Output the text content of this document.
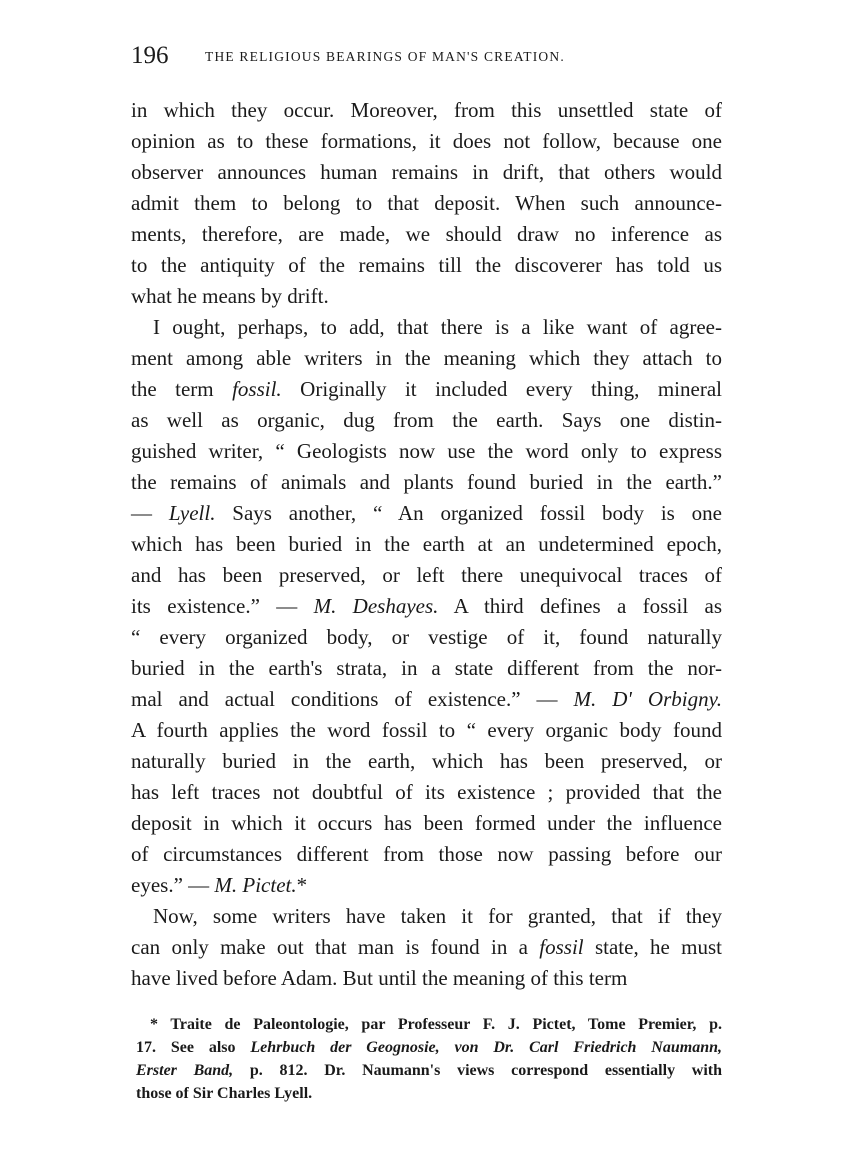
196	THE RELIGIOUS BEARINGS OF MAN'S CREATION.
in which they occur. Moreover, from this unsettled state of
opinion as to these formations, it does not follow, because one
observer announces human remains in drift, that others would
admit them to belong to that deposit. When such announce-
ments, therefore, are made, we should draw no inference as
to the antiquity of the remains till the discoverer has told us
what he means by drift.
I ought, perhaps, to add, that there is a like want of agree-
ment among able writers in the meaning which they attach to
the term fossil. Originally it included every thing, mineral
as well as organic, dug from the earth. Says one distin-
guished writer, “ Geologists now use the word only to express
the remains of animals and plants found buried in the earth.”
— Lyell. Says another, “ An organized fossil body is one
which has been buried in the earth at an undetermined epoch,
and has been preserved, or left there unequivocal traces of
its existence.” — M. Deshayes. A third defines a fossil as
“ every organized body, or vestige of it, found naturally
buried in the earth's strata, in a state different from the nor-
mal and actual conditions of existence.” — M. D' Orbigny.
A fourth applies the word fossil to “ every organic body found
naturally buried in the earth, which has been preserved, or
has left traces not doubtful of its existence ; provided that the
deposit in which it occurs has been formed under the influence
of circumstances different from those now passing before our
eyes.” — M. Pictet.*
Now, some writers have taken it for granted, that if they
can only make out that man is found in a fossil state, he must
have lived before Adam. But until the meaning of this term
* Traite de Paleontologie, par Professeur F. J. Pictet, Tome Premier, p.
17. See also Lehrbuch der Geognosie, von Dr. Carl Friedrich Naumann,
Erster Band, p. 812. Dr. Naumann's views correspond essentially with
those of Sir Charles Lyell.
